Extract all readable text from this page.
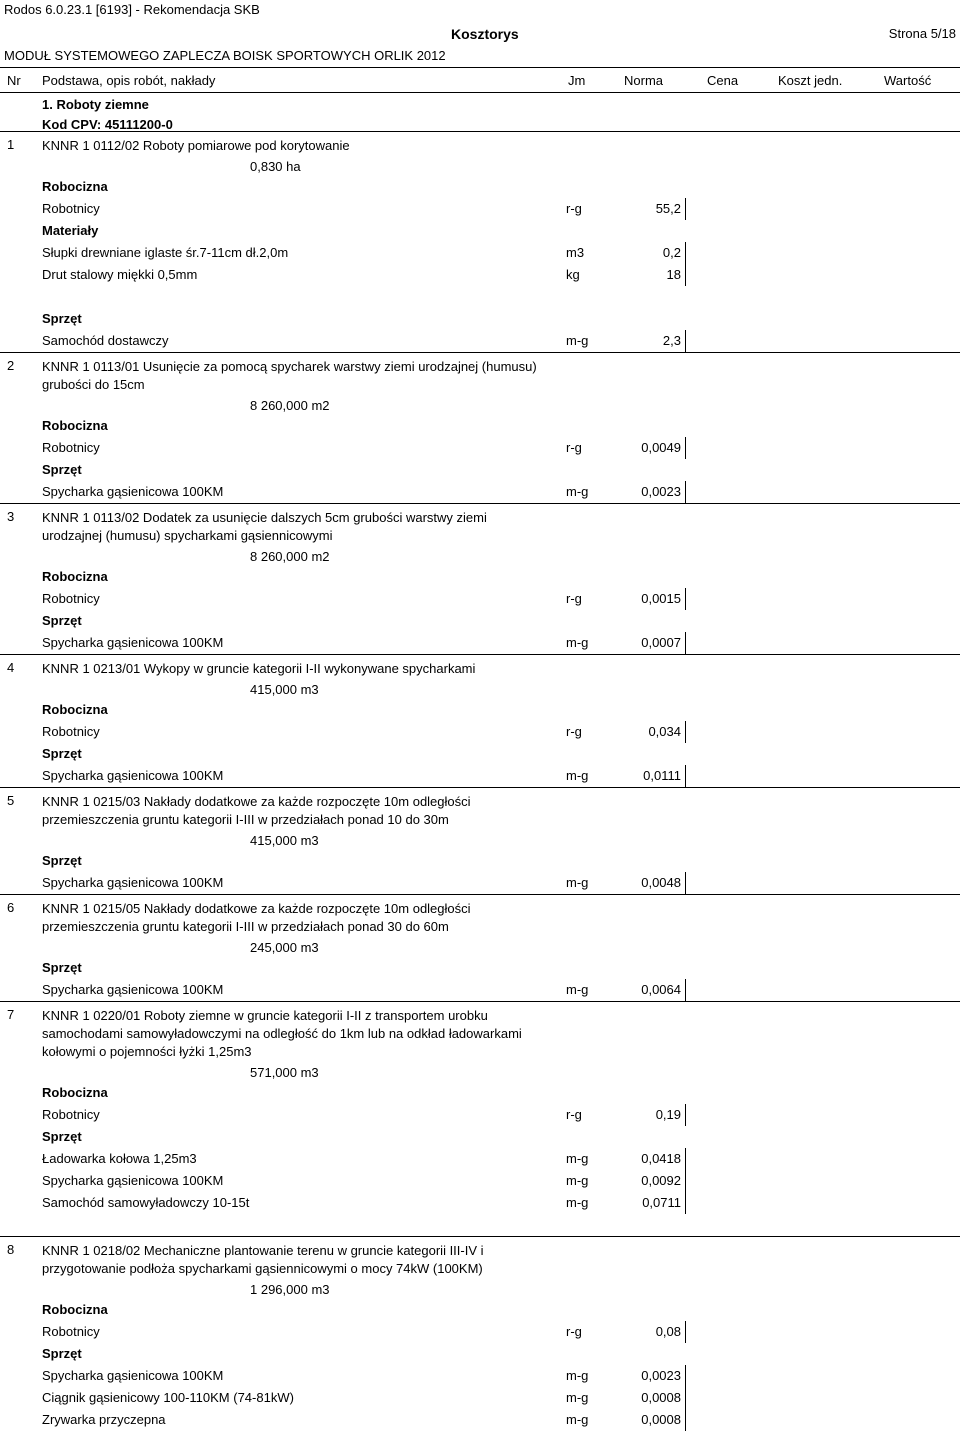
Rodos 6.0.23.1 [6193] - Rekomendacja SKB
Kosztorys	Strona 5/18
MODUŁ SYSTEMOWEGO ZAPLECZA BOISK SPORTOWYCH ORLIK 2012
Nr Podstawa, opis robót, nakłady	Jm	Norma	Cena	Koszt jedn.	Wartość
1. Roboty ziemne
Kod CPV: 45111200-0
1 KNNR 1 0112/02 Roboty pomiarowe pod korytowanie
0,830 ha
Robocizna
Robotnicy	r-g	55,2
Materiały
Słupki drewniane iglaste śr.7-11cm dł.2,0m	m3	0,2
Drut stalowy miękki 0,5mm	kg	18
Sprzęt
Samochód dostawczy	m-g	2,3
2 KNNR 1 0113/01 Usunięcie za pomocą spycharek warstwy ziemi urodzajnej (humusu) grubości do 15cm
8 260,000 m2
Robocizna
Robotnicy	r-g	0,0049
Sprzęt
Spycharka gąsienicowa 100KM	m-g	0,0023
3 KNNR 1 0113/02 Dodatek za usunięcie dalszych 5cm grubości warstwy ziemi urodzajnej (humusu) spycharkami gąsiennicowymi
8 260,000 m2
Robocizna
Robotnicy	r-g	0,0015
Sprzęt
Spycharka gąsienicowa 100KM	m-g	0,0007
4 KNNR 1 0213/01 Wykopy w gruncie kategorii I-II wykonywane spycharkami
415,000 m3
Robocizna
Robotnicy	r-g	0,034
Sprzęt
Spycharka gąsienicowa 100KM	m-g	0,0111
5 KNNR 1 0215/03 Nakłady dodatkowe za każde rozpoczęte 10m odległości przemieszczenia gruntu kategorii I-III w przedziałach ponad 10 do 30m
415,000 m3
Sprzęt
Spycharka gąsienicowa 100KM	m-g	0,0048
6 KNNR 1 0215/05 Nakłady dodatkowe za każde rozpoczęte 10m odległości przemieszczenia gruntu kategorii I-III w przedziałach ponad 30 do 60m
245,000 m3
Sprzęt
Spycharka gąsienicowa 100KM	m-g	0,0064
7 KNNR 1 0220/01 Roboty ziemne w gruncie kategorii I-II z transportem urobku samochodami samowyładowczymi na odległość do 1km lub na odkład ładowarkami kołowymi o pojemności łyżki 1,25m3
571,000 m3
Robocizna
Robotnicy	r-g	0,19
Sprzęt
Ładowarka kołowa 1,25m3	m-g	0,0418
Spycharka gąsienicowa 100KM	m-g	0,0092
Samochód samowyładowczy 10-15t	m-g	0,0711
8 KNNR 1 0218/02 Mechaniczne plantowanie terenu w gruncie kategorii III-IV i przygotowanie podłoża spycharkami gąsiennicowymi o mocy 74kW (100KM)
1 296,000 m3
Robocizna
Robotnicy	r-g	0,08
Sprzęt
Spycharka gąsienicowa 100KM	m-g	0,0023
Ciągnik gąsienicowy 100-110KM (74-81kW)	m-g	0,0008
Zrywarka przyczepna	m-g	0,0008
